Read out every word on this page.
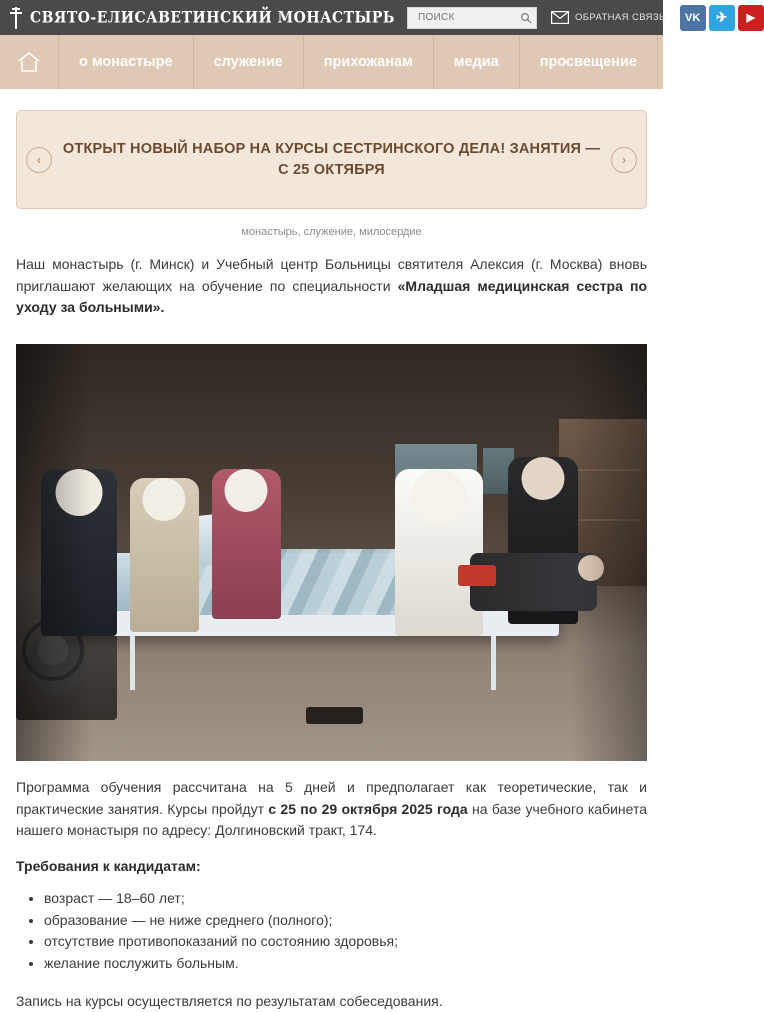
СВЯТО-ЕЛИСАВЕТИНСКИЙ МОНАСТЫРЬ
Поиск	ОБРАТНАЯ СВЯЗЬ	VK	✈	▶
о монастыре	служение	прихожанам	медиа	просвещение	образ
‹
ОТКРЫТ НОВЫЙ НАБОР НА КУРСЫ СЕСТРИНСКОГО ДЕЛА! ЗАНЯТИЯ — С 25 ОКТЯБРЯ
›
монастырь, служение, милосердие

Наш монастырь (г. Минск) и Учебный центр Больницы святителя Алексия (г. Москва) вновь приглашают желающих на обучение по специальности «Младшая медицинская сестра по уходу за больными».

Программа обучения рассчитана на 5 дней и предполагает как теоретические, так и практические занятия. Курсы пройдут с 25 по 29 октября 2025 года на базе учебного кабинета нашего монастыря по адресу: Долгиновский тракт, 174.

Требования к кандидатам:

• возраст — 18–60 лет;
• образование — не ниже среднего (полного);
• отсутствие противопоказаний по состоянию здоровья;
• желание послужить больным.

Запись на курсы осуществляется по результатам собеседования.
